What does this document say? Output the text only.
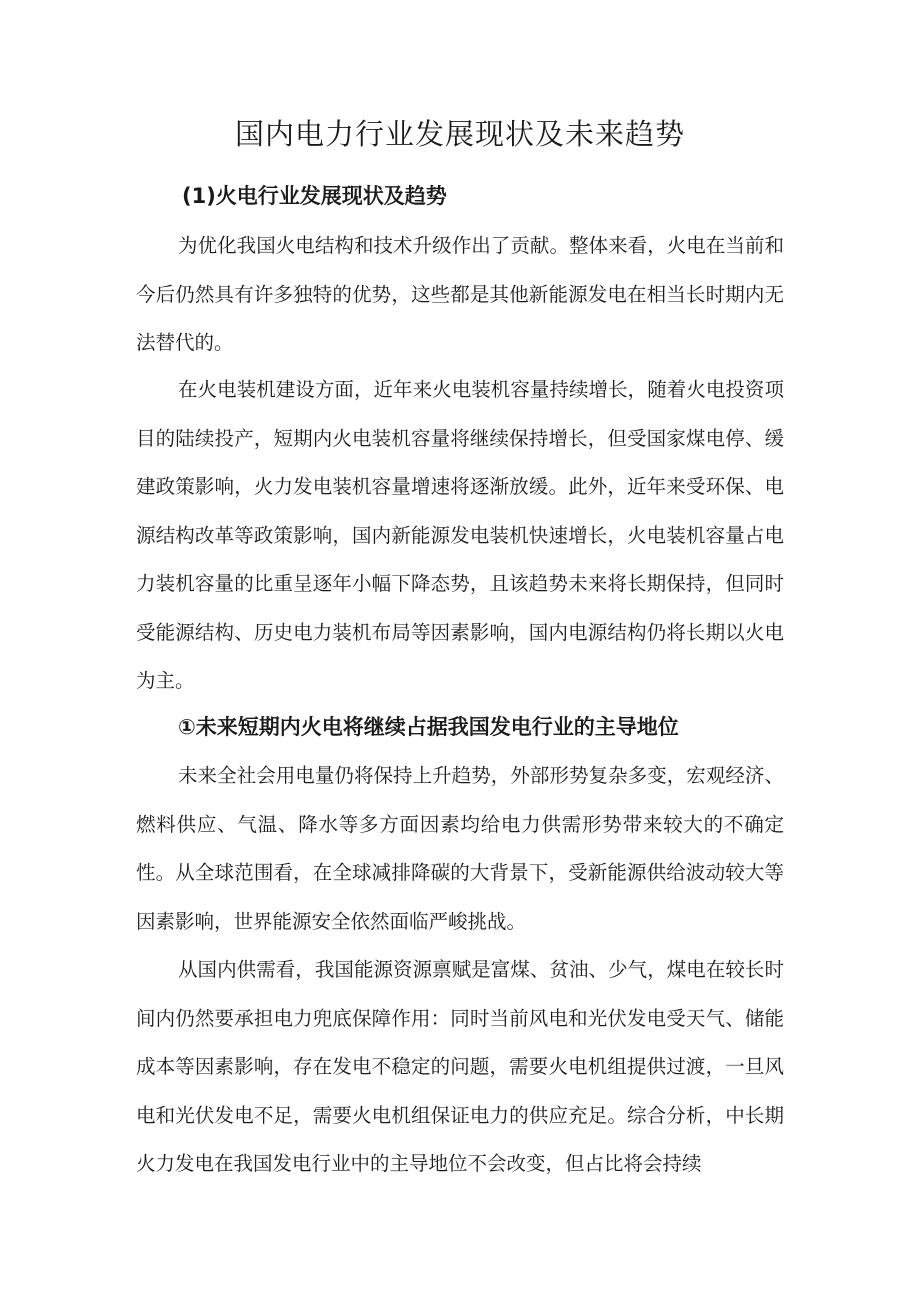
国内电力行业发展现状及未来趋势
(1)火电行业发展现状及趋势

为优化我国火电结构和技术升级作出了贡献。整体来看，火电在当前和今后仍然具有许多独特的优势，这些都是其他新能源发电在相当长时期内无法替代的。

在火电装机建设方面，近年来火电装机容量持续增长，随着火电投资项目的陆续投产，短期内火电装机容量将继续保持增长，但受国家煤电停、缓建政策影响，火力发电装机容量增速将逐渐放缓。此外，近年来受环保、电源结构改革等政策影响，国内新能源发电装机快速增长，火电装机容量占电力装机容量的比重呈逐年小幅下降态势，且该趋势未来将长期保持，但同时受能源结构、历史电力装机布局等因素影响，国内电源结构仍将长期以火电为主。

①未来短期内火电将继续占据我国发电行业的主导地位

未来全社会用电量仍将保持上升趋势，外部形势复杂多变，宏观经济、燃料供应、气温、降水等多方面因素均给电力供需形势带来较大的不确定性。从全球范围看，在全球减排降碳的大背景下，受新能源供给波动较大等因素影响，世界能源安全依然面临严峻挑战。

从国内供需看，我国能源资源禀赋是富煤、贫油、少气，煤电在较长时间内仍然要承担电力兜底保障作用：同时当前风电和光伏发电受天气、储能成本等因素影响，存在发电不稳定的问题，需要火电机组提供过渡，一旦风电和光伏发电不足，需要火电机组保证电力的供应充足。综合分析，中长期火力发电在我国发电行业中的主导地位不会改变，但占比将会持续
